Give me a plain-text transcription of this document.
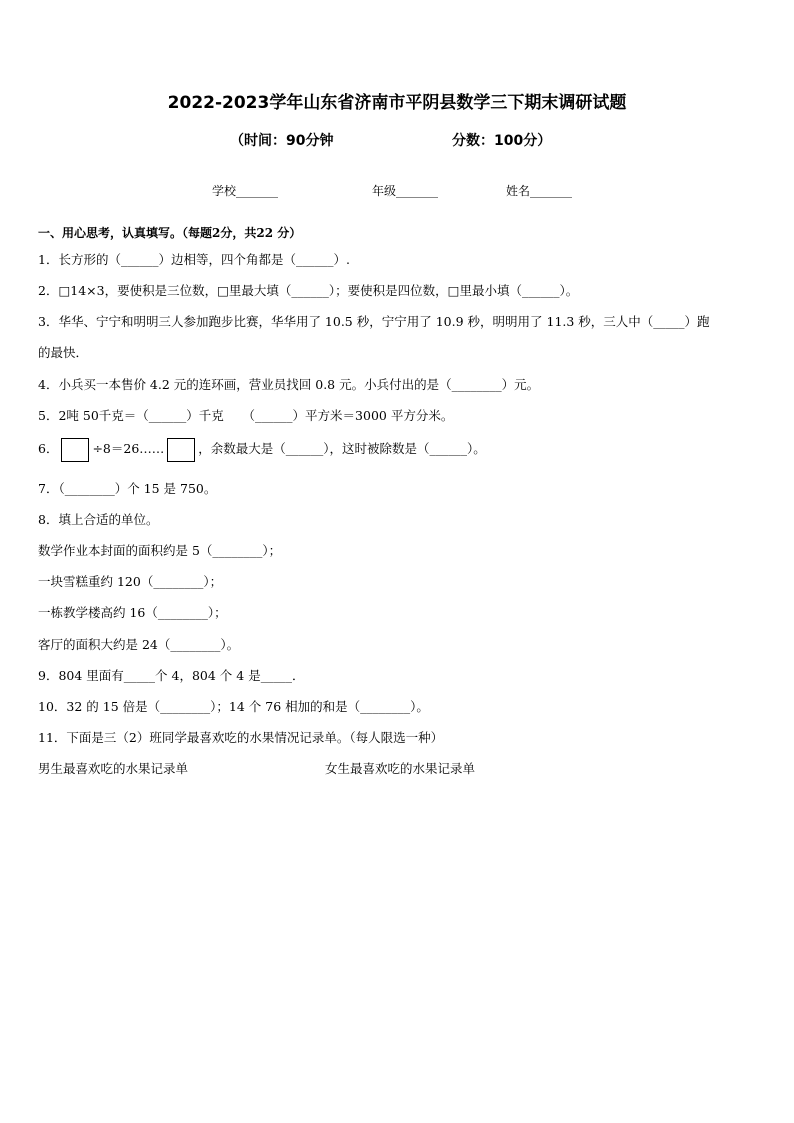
2022-2023学年山东省济南市平阴县数学三下期末调研试题
（时间：90分钟	分数：100分）
学校_______	年级_______	姓名_______
一、用心思考，认真填写。（每题2分，共22 分）
1．长方形的（______）边相等，四个角都是（______）.
2．□14×3，要使积是三位数，□里最大填（______）；要使积是四位数，□里最小填（______）。
3．华华、宁宁和明明三人参加跑步比赛，华华用了 10.5 秒，宁宁用了 10.9 秒，明明用了 11.3 秒，三人中（_____）跑
的最快．
4．小兵买一本售价 4.2 元的连环画，营业员找回 0.8 元。小兵付出的是（________）元。
5．2吨 50千克＝（______）千克　　（______）平方米＝3000 平方分米。
6．	÷8＝26……	，余数最大是（______），这时被除数是（______）。
7．（________）个 15 是 750。
8．填上合适的单位。
数学作业本封面的面积约是 5（________）；
一块雪糕重约 120（________）；
一栋教学楼高约 16（________）；
客厅的面积大约是 24（________）。
9．804 里面有_____个 4，804 个 4 是_____．
10．32 的 15 倍是（________）；14 个 76 相加的和是（________）。
11．下面是三（2）班同学最喜欢吃的水果情况记录单。（每人限选一种）
男生最喜欢吃的水果记录单	女生最喜欢吃的水果记录单
